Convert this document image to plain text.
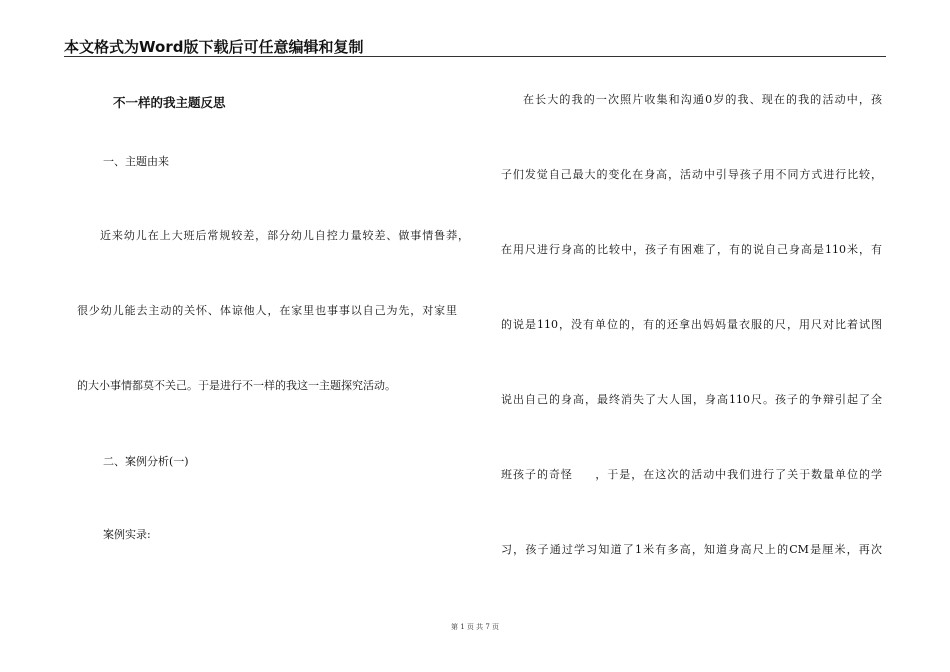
本文格式为Word版下载后可任意编辑和复制
不一样的我主题反思
一、主题由来
近来幼儿在上大班后常规较差，部分幼儿自控力量较差、做事情鲁莽，
很少幼儿能去主动的关怀、体谅他人，在家里也事事以自己为先，对家里
的大小事情都莫不关己。于是进行不一样的我这一主题探究活动。
二、案例分析(一)
案例实录:
在长大的我的一次照片收集和沟通0岁的我、现在的我的活动中，孩
子们发觉自己最大的变化在身高，活动中引导孩子用不同方式进行比较，
在用尺进行身高的比较中，孩子有困难了，有的说自己身高是110米，有
的说是110，没有单位的，有的还拿出妈妈量衣服的尺，用尺对比着试图
说出自己的身高，最终消失了大人国，身高110尺。孩子的争辩引起了全
班孩子的奇怪     ，于是，在这次的活动中我们进行了关于数量单位的学
习，孩子通过学习知道了1米有多高，知道身高尺上的CM是厘米，再次
第 1 页 共 7 页
